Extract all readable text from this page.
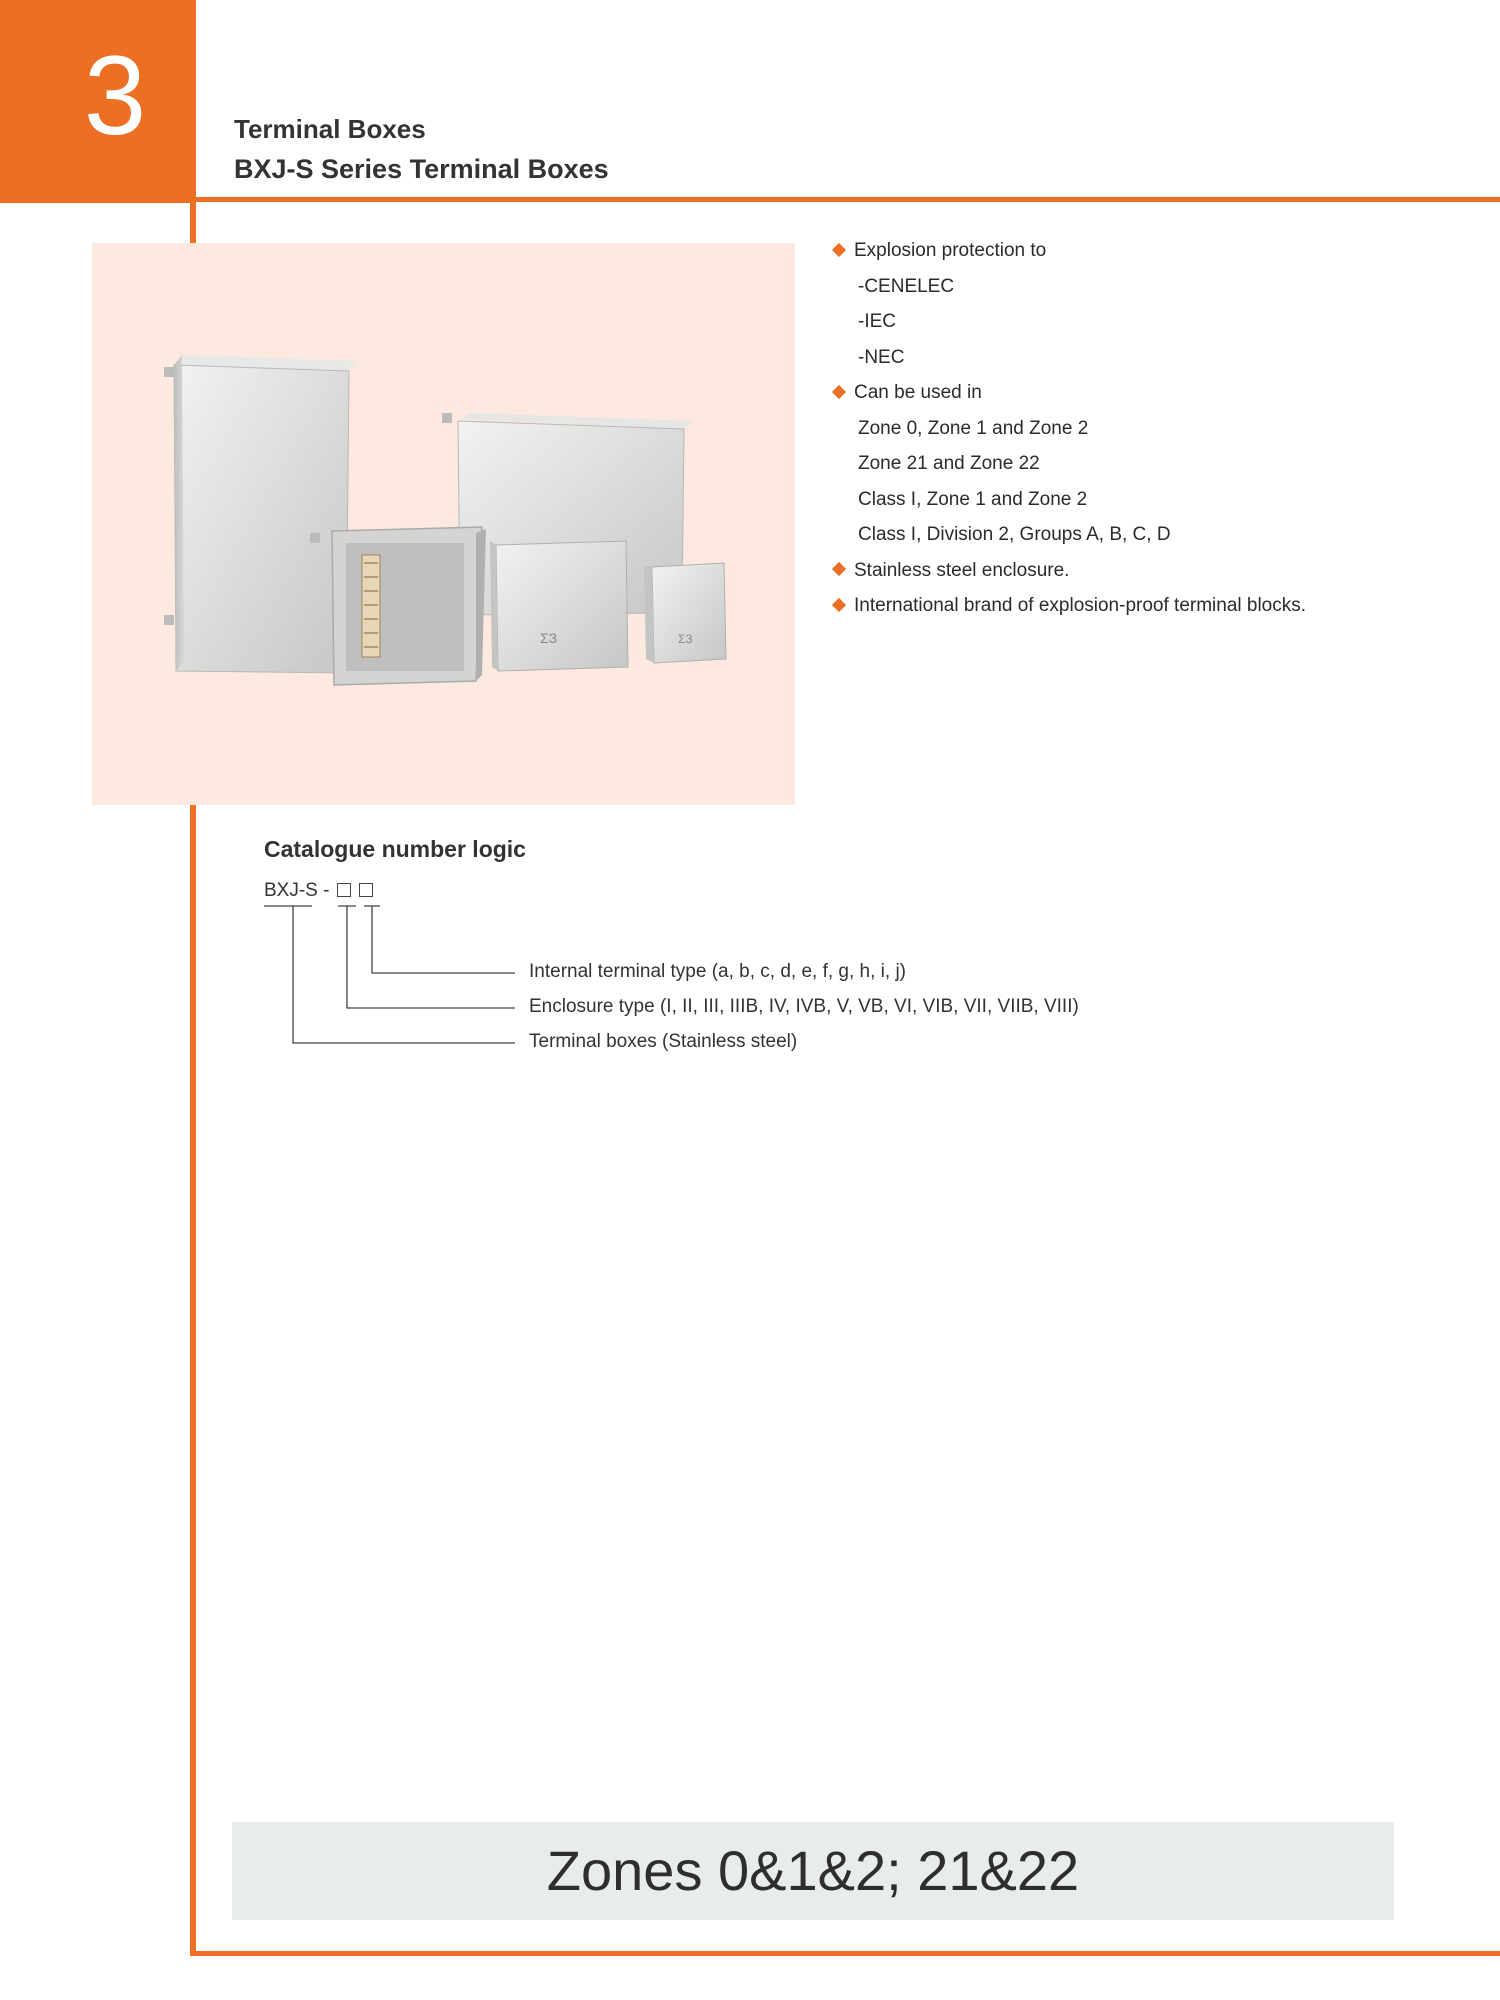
3	Terminal Boxes
BXJ-S Series Terminal Boxes
ΣЗ	ΣЗ
Explosion protection to
-CENELEC
-IEC
-NEC
Can be used in
Zone 0, Zone 1 and Zone 2
Zone 21 and Zone 22
Class I, Zone 1 and Zone 2
Class I, Division 2, Groups A, B, C, D
Stainless steel enclosure.
International brand of explosion-proof terminal blocks.
Catalogue number logic
BXJ-S -
Internal terminal type (a, b, c, d, e, f, g, h, i, j)
Enclosure type (I, II, III, IIIB, IV, IVB, V, VB, VI, VIB, VII, VIIB, VIII)
Terminal boxes (Stainless steel)
Zones 0&1&2; 21&22
